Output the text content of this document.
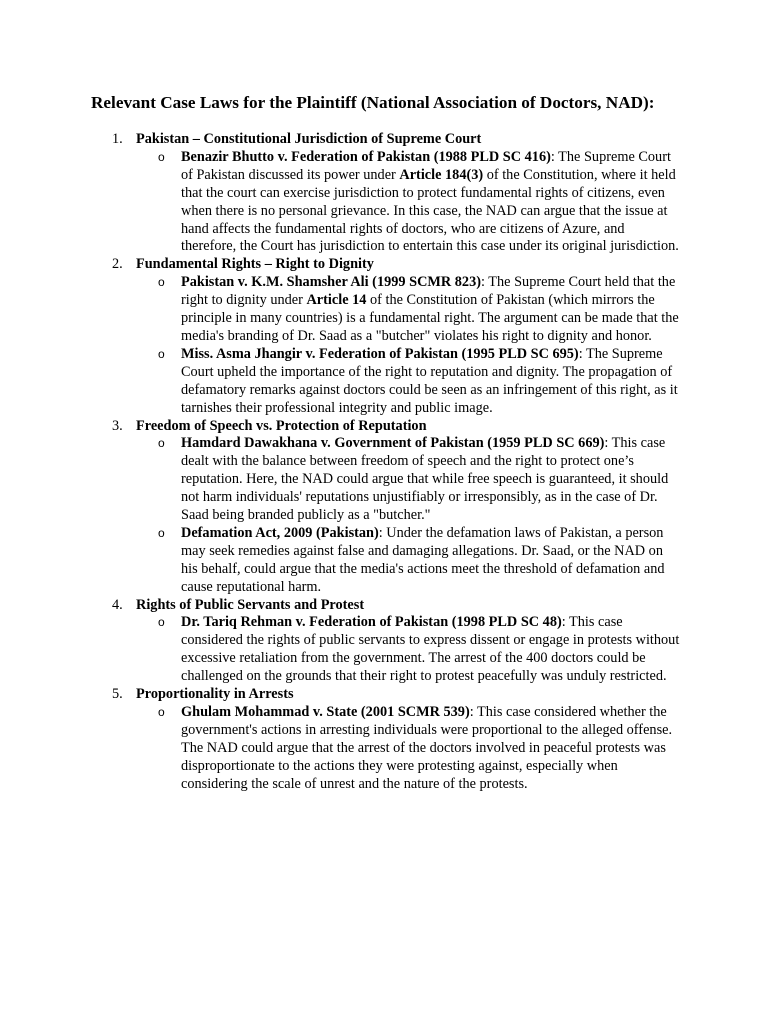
Relevant Case Laws for the Plaintiff (National Association of Doctors, NAD):
1. Pakistan – Constitutional Jurisdiction of Supreme Court
o Benazir Bhutto v. Federation of Pakistan (1988 PLD SC 416): The Supreme Court of Pakistan discussed its power under Article 184(3) of the Constitution, where it held that the court can exercise jurisdiction to protect fundamental rights of citizens, even when there is no personal grievance. In this case, the NAD can argue that the issue at hand affects the fundamental rights of doctors, who are citizens of Azure, and therefore, the Court has jurisdiction to entertain this case under its original jurisdiction.
2. Fundamental Rights – Right to Dignity
o Pakistan v. K.M. Shamsher Ali (1999 SCMR 823): The Supreme Court held that the right to dignity under Article 14 of the Constitution of Pakistan (which mirrors the principle in many countries) is a fundamental right. The argument can be made that the media's branding of Dr. Saad as a "butcher" violates his right to dignity and honor.
o Miss. Asma Jhangir v. Federation of Pakistan (1995 PLD SC 695): The Supreme Court upheld the importance of the right to reputation and dignity. The propagation of defamatory remarks against doctors could be seen as an infringement of this right, as it tarnishes their professional integrity and public image.
3. Freedom of Speech vs. Protection of Reputation
o Hamdard Dawakhana v. Government of Pakistan (1959 PLD SC 669): This case dealt with the balance between freedom of speech and the right to protect one’s reputation. Here, the NAD could argue that while free speech is guaranteed, it should not harm individuals' reputations unjustifiably or irresponsibly, as in the case of Dr. Saad being branded publicly as a "butcher."
o Defamation Act, 2009 (Pakistan): Under the defamation laws of Pakistan, a person may seek remedies against false and damaging allegations. Dr. Saad, or the NAD on his behalf, could argue that the media's actions meet the threshold of defamation and cause reputational harm.
4. Rights of Public Servants and Protest
o Dr. Tariq Rehman v. Federation of Pakistan (1998 PLD SC 48): This case considered the rights of public servants to express dissent or engage in protests without excessive retaliation from the government. The arrest of the 400 doctors could be challenged on the grounds that their right to protest peacefully was unduly restricted.
5. Proportionality in Arrests
o Ghulam Mohammad v. State (2001 SCMR 539): This case considered whether the government's actions in arresting individuals were proportional to the alleged offense. The NAD could argue that the arrest of the doctors involved in peaceful protests was disproportionate to the actions they were protesting against, especially when considering the scale of unrest and the nature of the protests.
